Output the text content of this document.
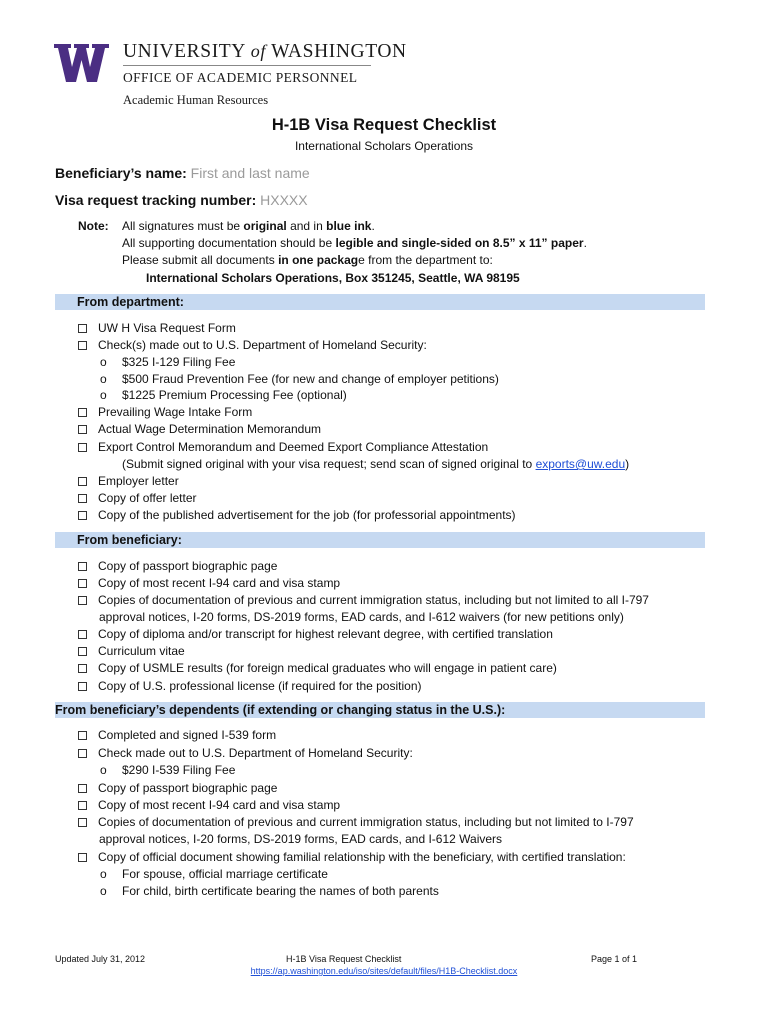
UNIVERSITY of WASHINGTON
OFFICE OF ACADEMIC PERSONNEL
Academic Human Resources
H-1B Visa Request Checklist
International Scholars Operations
Beneficiary’s name: First and last name
Visa request tracking number: HXXXX
Note: All signatures must be original and in blue ink.
All supporting documentation should be legible and single-sided on 8.5” x 11” paper.
Please submit all documents in one package from the department to:
International Scholars Operations, Box 351245, Seattle, WA 98195
From department:
UW H Visa Request Form
Check(s) made out to U.S. Department of Homeland Security:
o $325 I-129 Filing Fee
o $500 Fraud Prevention Fee (for new and change of employer petitions)
o $1225 Premium Processing Fee (optional)
Prevailing Wage Intake Form
Actual Wage Determination Memorandum
Export Control Memorandum and Deemed Export Compliance Attestation
(Submit signed original with your visa request; send scan of signed original to exports@uw.edu)
Employer letter
Copy of offer letter
Copy of the published advertisement for the job (for professorial appointments)
From beneficiary:
Copy of passport biographic page
Copy of most recent I-94 card and visa stamp
Copies of documentation of previous and current immigration status, including but not limited to all I-797
approval notices, I-20 forms, DS-2019 forms, EAD cards, and I-612 waivers (for new petitions only)
Copy of diploma and/or transcript for highest relevant degree, with certified translation
Curriculum vitae
Copy of USMLE results (for foreign medical graduates who will engage in patient care)
Copy of U.S. professional license (if required for the position)
From beneficiary’s dependents (if extending or changing status in the U.S.):
Completed and signed I-539 form
Check made out to U.S. Department of Homeland Security:
o $290 I-539 Filing Fee
Copy of passport biographic page
Copy of most recent I-94 card and visa stamp
Copies of documentation of previous and current immigration status, including but not limited to I-797
approval notices, I-20 forms, DS-2019 forms, EAD cards, and I-612 Waivers
Copy of official document showing familial relationship with the beneficiary, with certified translation:
o For spouse, official marriage certificate
o For child, birth certificate bearing the names of both parents
Updated July 31, 2012	H-1B Visa Request Checklist	Page 1 of 1
https://ap.washington.edu/iso/sites/default/files/H1B-Checklist.docx
